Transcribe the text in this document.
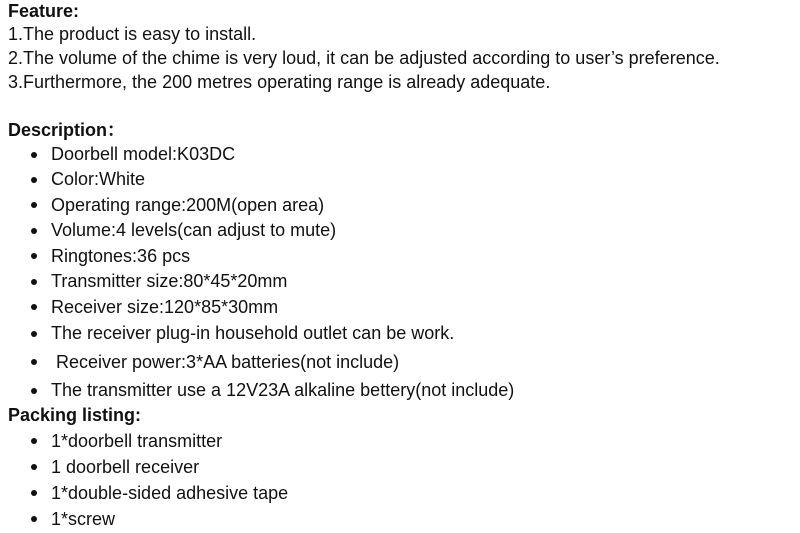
Feature:
1.The product is easy to install.
2.The volume of the chime is very loud, it can be adjusted according to user’s preference.
3.Furthermore, the 200 metres operating range is already adequate.
Description：
Doorbell model:K03DC
Color:White
Operating range:200M(open area)
Volume:4 levels(can adjust to mute)
Ringtones:36 pcs
Transmitter size:80*45*20mm
Receiver size:120*85*30mm
The receiver plug-in household outlet can be work.
Receiver power:3*AA batteries(not include)
The transmitter use a 12V23A alkaline bettery(not include)
Packing listing:
1*doorbell transmitter
1 doorbell receiver
1*double-sided adhesive tape
1*screw
